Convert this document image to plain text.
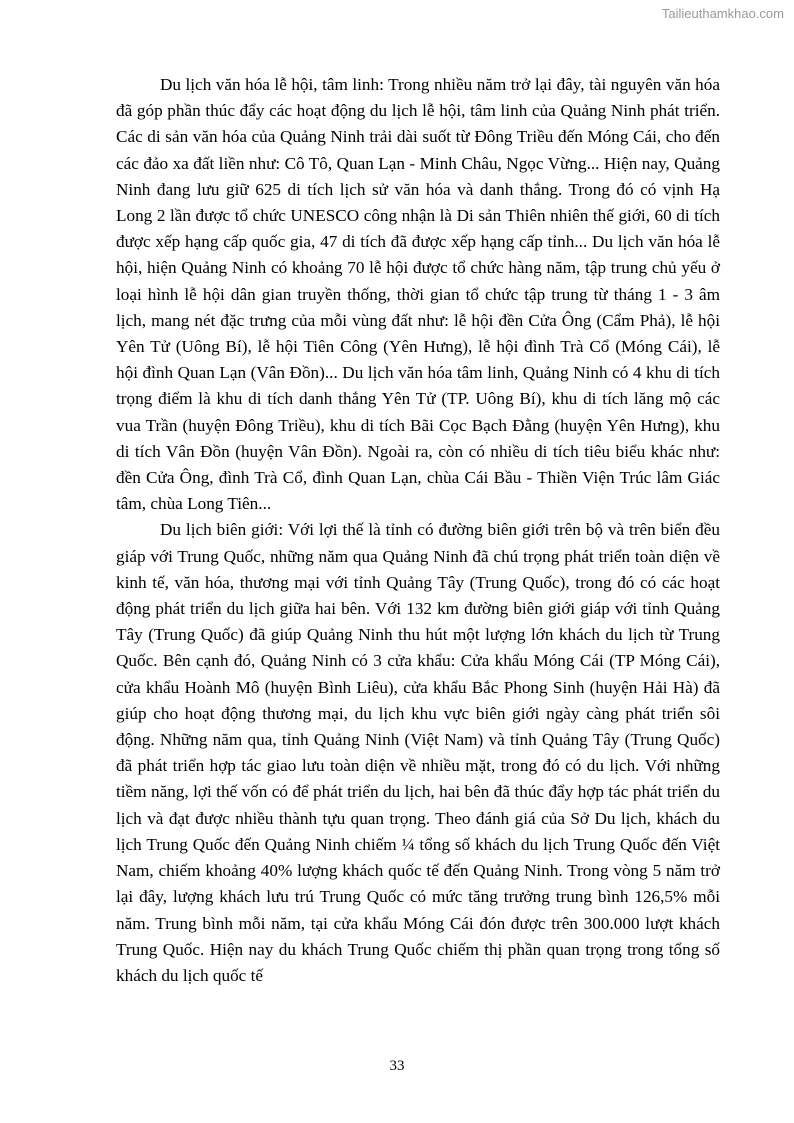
Tailieuthamkhao.com

Du lịch văn hóa lễ hội, tâm linh: Trong nhiều năm trở lại đây, tài nguyên văn hóa đã góp phần thúc đẩy các hoạt động du lịch lễ hội, tâm linh của Quảng Ninh phát triển. Các di sản văn hóa của Quảng Ninh trải dài suốt từ Đông Triều đến Móng Cái, cho đến các đảo xa đất liền như: Cô Tô, Quan Lạn - Minh Châu, Ngọc Vừng... Hiện nay, Quảng Ninh đang lưu giữ 625 di tích lịch sử văn hóa và danh thắng. Trong đó có vịnh Hạ Long 2 lần được tổ chức UNESCO công nhận là Di sản Thiên nhiên thế giới, 60 di tích được xếp hạng cấp quốc gia, 47 di tích đã được xếp hạng cấp tỉnh... Du lịch văn hóa lễ hội, hiện Quảng Ninh có khoảng 70 lễ hội được tổ chức hàng năm, tập trung chủ yếu ở loại hình lễ hội dân gian truyền thống, thời gian tổ chức tập trung từ tháng 1 - 3 âm lịch, mang nét đặc trưng của mỗi vùng đất như: lễ hội đền Cửa Ông (Cẩm Phả), lễ hội Yên Tử (Uông Bí), lễ hội Tiên Công (Yên Hưng), lễ hội đình Trà Cổ (Móng Cái), lễ hội đình Quan Lạn (Vân Đồn)... Du lịch văn hóa tâm linh, Quảng Ninh có 4 khu di tích trọng điểm là khu di tích danh thắng Yên Tử (TP. Uông Bí), khu di tích lăng mộ các vua Trần (huyện Đông Triều), khu di tích Bãi Cọc Bạch Đằng (huyện Yên Hưng), khu di tích Vân Đồn (huyện Vân Đồn). Ngoài ra, còn có nhiều di tích tiêu biểu khác như: đền Cửa Ông, đình Trà Cổ, đình Quan Lạn, chùa Cái Bầu - Thiền Viện Trúc lâm Giác tâm, chùa Long Tiên...

Du lịch biên giới: Với lợi thế là tỉnh có đường biên giới trên bộ và trên biển đều giáp với Trung Quốc, những năm qua Quảng Ninh đã chú trọng phát triển toàn diện về kinh tế, văn hóa, thương mại với tỉnh Quảng Tây (Trung Quốc), trong đó có các hoạt động phát triển du lịch giữa hai bên. Với 132 km đường biên giới giáp với tỉnh Quảng Tây (Trung Quốc) đã giúp Quảng Ninh thu hút một lượng lớn khách du lịch từ Trung Quốc. Bên cạnh đó, Quảng Ninh có 3 cửa khẩu: Cửa khẩu Móng Cái (TP Móng Cái), cửa khẩu Hoành Mô (huyện Bình Liêu), cửa khẩu Bắc Phong Sinh (huyện Hải Hà) đã giúp cho hoạt động thương mại, du lịch khu vực biên giới ngày càng phát triển sôi động. Những năm qua, tỉnh Quảng Ninh (Việt Nam) và tỉnh Quảng Tây (Trung Quốc) đã phát triển hợp tác giao lưu toàn diện về nhiều mặt, trong đó có du lịch. Với những tiềm năng, lợi thế vốn có để phát triển du lịch, hai bên đã thúc đẩy hợp tác phát triển du lịch và đạt được nhiều thành tựu quan trọng. Theo đánh giá của Sở Du lịch, khách du lịch Trung Quốc đến Quảng Ninh chiếm ¼ tổng số khách du lịch Trung Quốc đến Việt Nam, chiếm khoảng 40% lượng khách quốc tế đến Quảng Ninh. Trong vòng 5 năm trở lại đây, lượng khách lưu trú Trung Quốc có mức tăng trưởng trung bình 126,5% mỗi năm. Trung bình mỗi năm, tại cửa khẩu Móng Cái đón được trên 300.000 lượt khách Trung Quốc. Hiện nay du khách Trung Quốc chiếm thị phần quan trọng trong tổng số khách du lịch quốc tế

33
